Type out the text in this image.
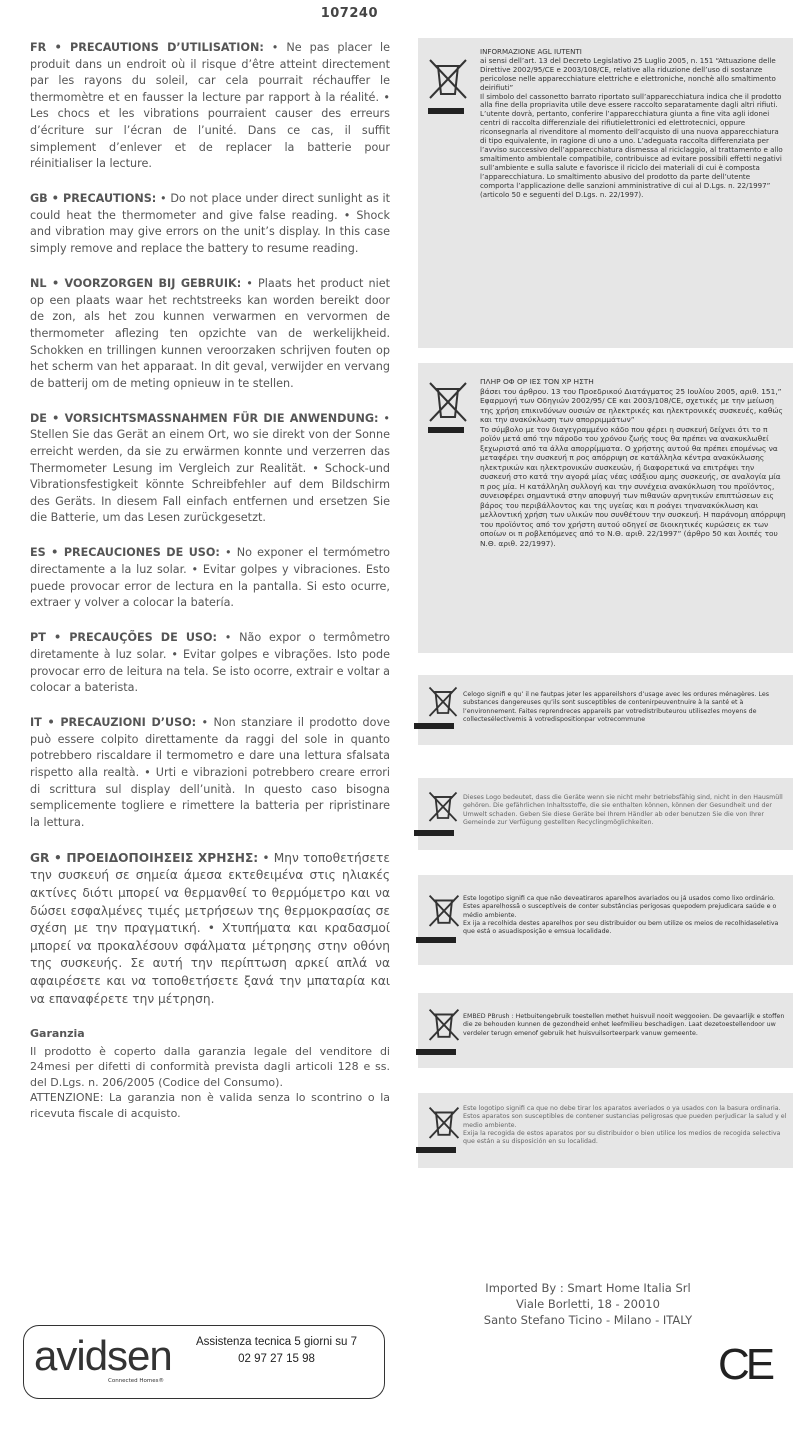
107240

FR • PRECAUTIONS D’UTILISATION: • Ne pas placer le produit dans un endroit où il risque d’être atteint directement par les rayons du soleil, car cela pourrait réchauffer le thermomètre et en fausser la lecture par rapport à la réalité. • Les chocs et les vibrations pourraient causer des erreurs d’écriture sur l’écran de l’unité. Dans ce cas, il suffit simplement d’enlever et de replacer la batterie pour réinitialiser la lecture.

GB • PRECAUTIONS: • Do not place under direct sunlight as it could heat the thermometer and give false reading. • Shock and vibration may give errors on the unit’s display. In this case simply remove and replace the battery to resume reading.

NL • VOORZORGEN BIJ GEBRUIK: • Plaats het product niet op een plaats waar het rechtstreeks kan worden bereikt door de zon, als het zou kunnen verwarmen en vervormen de thermometer aflezing ten opzichte van de werkelijkheid. Schokken en trillingen kunnen veroorzaken schrijven fouten op het scherm van het apparaat. In dit geval, verwijder en vervang de batterij om de meting opnieuw in te stellen.

DE • VORSICHTSMASSNAHMEN FÜR DIE ANWENDUNG: • Stellen Sie das Gerät an einem Ort, wo sie direkt von der Sonne erreicht werden, da sie zu erwärmen konnte und verzerren das Thermometer Lesung im Vergleich zur Realität. • Schock-und Vibrationsfestigkeit könnte Schreibfehler auf dem Bildschirm des Geräts. In diesem Fall einfach entfernen und ersetzen Sie die Batterie, um das Lesen zurückgesetzt.

ES • PRECAUCIONES DE USO: • No exponer el termómetro directamente a la luz solar. • Evitar golpes y vibraciones. Esto puede provocar error de lectura en la pantalla. Si esto ocurre, extraer y volver a colocar la batería.

PT • PRECAUÇÕES DE USO: • Não expor o termômetro diretamente à luz solar. • Evitar golpes e vibrações. Isto pode provocar erro de leitura na tela. Se isto ocorre, extrair e voltar a colocar a bateristа.

IT • PRECAUZIONI D’USO: • Non stanziare il prodotto dove può essere colpito direttamente da raggi del sole in quanto potrebbero riscaldare il termometro e dare una lettura sfalsata rispetto alla realtà. • Urti e vibrazioni potrebbero creare errori di scrittura sul display dell’unità. In questo caso bisogna semplicemente togliere e rimettere la batteria per ripristinare la lettura.

GR • ΠΡΟΕΙΔΟΠΟΙΗΣΕΙΣ ΧΡΗΣΗΣ: • Μην τοποθετήσετε την συσκευή σε σημεία άμεσα εκτεθειμένα στις ηλιακές ακτίνες διότι μπορεί να θερμανθεί το θερμόμετρο και να δώσει εσφαλμένες τιμές μετρήσεων της θερμοκρασίας σε σχέση με την πραγματική. • Χτυπήματα και κραδασμοί μπορεί να προκαλέσουν σφάλματα μέτρησης στην οθόνη της συσκευής. Σε αυτή την περίπτωση αρκεί απλά να αφαιρέσετε και να τοποθετήσετε ξανά την μπαταρία και να επαναφέρετε την μέτρηση.

Garanzia

Il prodotto è coperto dalla garanzia legale del venditore di 24mesi per difetti di conformità prevista dagli articoli 128 e ss. del D.Lgs. n. 206/2005 (Codice del Consumo).

ATTENZIONE: La garanzia non è valida senza lo scontrino o la ricevuta fiscale di acquisto.

INFORMAZIONE AGL IUTENTI
ai sensi dell’art. 13 del Decreto Legislativo 25 Luglio 2005, n. 151 “Attuazione delle Direttive 2002/95/CE e 2003/108/CE, relative alla riduzione dell’uso di sostanze pericolose nelle apparecchiature elettriche e elettroniche, nonchè allo smaltimento deirifiuti”
Il simbolo del cassonetto barrato riportato sull’apparecchiatura indica che il prodotto alla fine della propriavita utile deve essere raccolto separatamente dagli altri rifiuti. L’utente dovrà, pertanto, conferire l’apparecchiatura giunta a fine vita agli idonei centri di raccolta differenziale dei rifiutielettronici ed elettrotecnici, oppure riconsegnarla al rivenditore al momento dell’acquisto di una nuova apparecchiatura di tipo equivalente, in ragione di uno a uno. L’adeguata raccolta differenziata per l’avviso successivo dell’apparecchiatura dismessa al riciclaggio, al trattamento e allo smaltimento ambientale compatibile, contribuisce ad evitare possibili effetti negativi sull’ambiente e sulla salute e favorisce il riciclo dei materiali di cui è composta l’apparecchiatura. Lo smaltimento abusivo del prodotto da parte dell’utente comporta l’applicazione delle sanzioni amministrative di cui al D.Lgs. n. 22/1997” (articolo 50 e seguenti del D.Lgs. n. 22/1997).
ΠΛΗΡ ΟΦ ΟΡ ΙΕΣ ΤΟΝ ΧΡ ΗΣΤΗ
βάσει του άρθρου. 13 του Προεδρικού Διατάγματος 25 Ιουλίου 2005, αριθ. 151,” Εφαρμογή των Οδηγιών 2002/95/ CE και 2003/108/CE, σχετικές με την μείωση της χρήση επικινδύνων ουσιών σε ηλεκτρικές και ηλεκτρονικές συσκευές, καθώς και την ανακύκλωση των απορριμμάτων”
Το σύμβολο με τον διαγεγραμμένο κάδο που φέρει η συσκευή δείχνει ότι το π ροϊόν μετά από την πάροδο του χρόνου ζωής τους θα πρέπει να ανακυκλωθεί ξεχωριστά από τα άλλα απορρίμματα. Ο χρήστης αυτού θα πρέπει επομένως να μεταφέρει την συσκευή π ρος απόρριψη σε κατάλληλα κέντρα ανακύκλωσης ηλεκτρικών και ηλεκτρονικών συσκευών, ή διαφορετικά να επιτρέψει την συσκευή στο κατά την αγορά μίας νέας ισάξιου αμης συσκευής, σε αναλογία μία π ρος μία. Η κατάλληλη συλλογή και την συνέχεια ανακύκλωση του προϊόντος, συνεισφέρει σημαντικά στην αποφυγή των πιθανών αρνητικών επιπτώσεων εις βάρος του περιβάλλοντος και της υγείας και π ροάγει τηνανακύκλωση και μελλοντική χρήση των υλικών που συνθέτουν την συσκευή. Η παράνομη απόρριψη του προϊόντος από τον χρήστη αυτού οδηγεί σε διοικητικές κυρώσεις εκ των οποίων οι π ροβλεπόμενες από το Ν.Θ. αριθ. 22/1997” (άρθρο 50 και λοιπές του Ν.Θ. αριθ. 22/1997).
Celogo signifi e qu’ il ne fautpas jeter les appareilshors d’usage avec les ordures ménagères. Les substances dangereuses qu’ils sont susceptibles de contenirpeuventnuire à la santé et à l’environnement. Faites reprendreces appareils par votredistributeurou utilisezles moyens de collectesélectivemis à votredispositionpar votrecommune
Dieses Logo bedeutet, dass die Geräte wenn sie nicht mehr betriebsfähig sind, nicht in den Hausmüll gehören. Die gefährlichen Inhaltsstoffe, die sie enthalten können, können der Gesundheit und der Umwelt schaden. Geben Sie diese Geräte bei Ihrem Händler ab oder benutzen Sie die von Ihrer Gemeinde zur Verfügung gestellten Recyclingmöglichkeiten.
Este logotipo signifi ca que não deveatiraros aparelhos avariados ou já usados como lixo ordinário.
Estes aparelhossã o susceptíveis de conter substâncias perigosas quepodem prejudicara saúde e o médio ambiente.
Ex ija a recolhida destes aparelhos por seu distribuidor ou bem utilize os meios de recolhidaseletiva que está o asuadisposição e emsua localidade.
EMBED PBrush : Hetbuitengebruik toestellen methet huisvuil nooit weggooien. De gevaarlijk e stoffen die ze behouden kunnen de gezondheid enhet leefmilieu beschadigen. Laat dezetoestellendoor uw verdeler terugn emenof gebruik het huisvuilsorteerpark vanuw gemeente.
Este logotipo signifi ca que no debe tirar los aparatos averiados o ya usados con la basura ordinaria.
Estos aparatos son susceptibles de contener sustancias peligrosas que pueden perjudicar la salud y el medio ambiente.
Exija la recogida de estos aparatos por su distribuidor o bien utilice los medios de recogida selectiva que están a su disposición en su localidad.
Imported By : Smart Home Italia Srl
Viale Borletti, 18 - 20010
Santo Stefano Ticino - Milano - ITALY
avidsen
Connected Homes®
Assistenza tecnica 5 giorni su 7
02 97 27 15 98	CE
